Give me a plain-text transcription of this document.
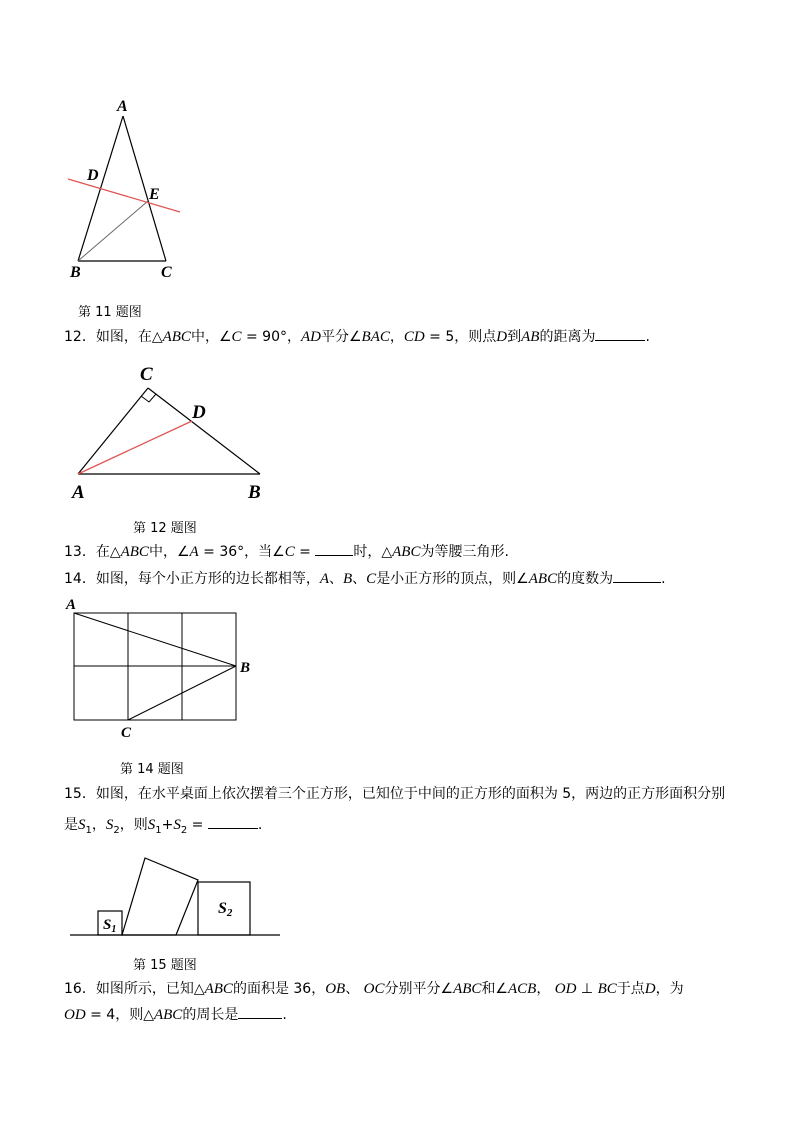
A
D
E
B	C
第 11 题图
12．如图，在△ABC中，∠C = 90°，AD平分∠BAC，CD = 5，则点D到AB的距离为	.
C
D
A	B
第 12 题图
13．在△ABC中，∠A = 36°，当∠C =	时，△ABC为等腰三角形.
14．如图，每个小正方形的边长都相等，A、B、C是小正方形的顶点，则∠ABC的度数为	.
A
B
C
第 14 题图
15．如图，在水平桌面上依次摆着三个正方形，已知位于中间的正方形的面积为 5，两边的正方形面积分别
是$S_1$，$S_2$，则$S_1+S_2$ =	.
$S_1$
S2
第 15 题图
16．如图所示，已知△ABC的面积是 36，OB、 OC分别平分∠ABC和∠ACB， OD ⊥ BC于点D，为
OD = 4，则△ABC的周长是	.
